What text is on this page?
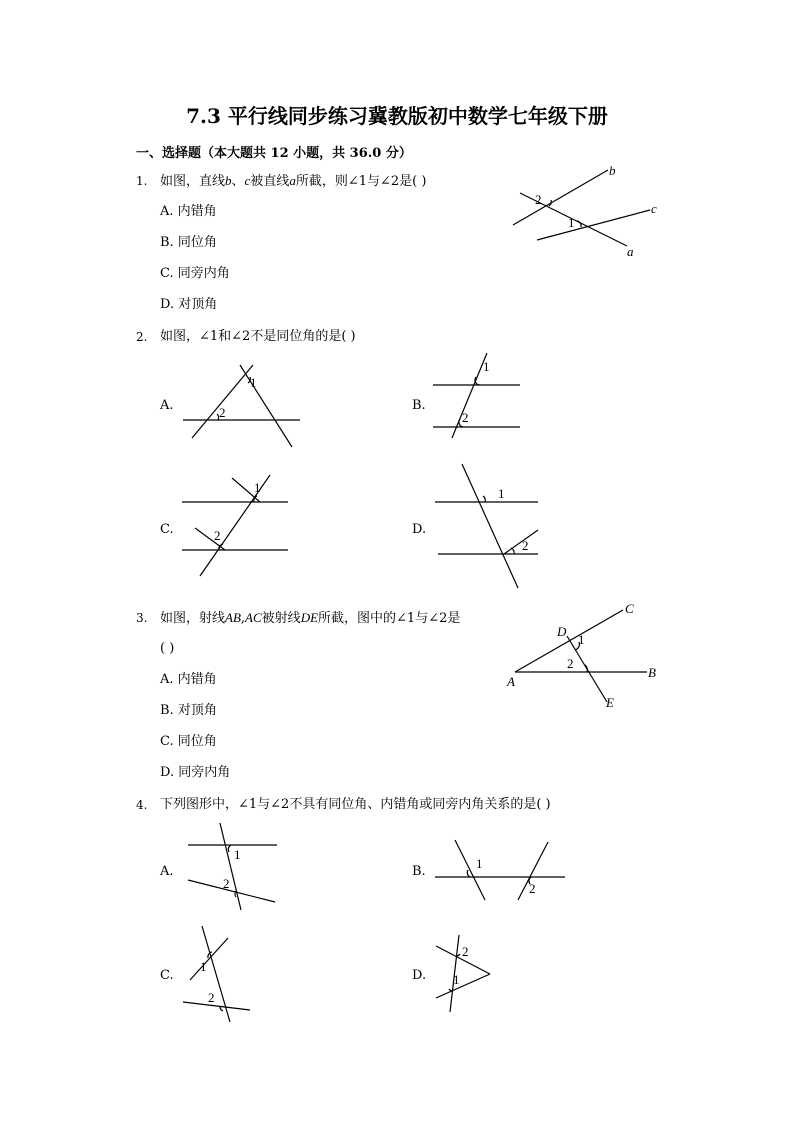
7.3 平行线同步练习冀教版初中数学七年级下册
一、选择题（本大题共 12 小题，共 36.0 分）
1. 如图，直线b、c被直线a所截，则∠1与∠2是( )
A. 内错角
B. 同位角
C. 同旁内角
D. 对顶角
b
c
a
2
1
2. 如图，∠1和∠2不是同位角的是( )
A.
1
2	B.
1
2
C.
1
2	D.
1
2
3. 如图，射线AB,AC被射线DE所截，图中的∠1与∠2是
( )
A. 内错角
B. 对顶角
C. 同位角
D. 同旁内角
C
D
1
2
B
A
E
4. 下列图形中，∠1与∠2不具有同位角、内错角或同旁内角关系的是( )
A.
1
2
B.
1
2
C.
1
2
D.
2
1
